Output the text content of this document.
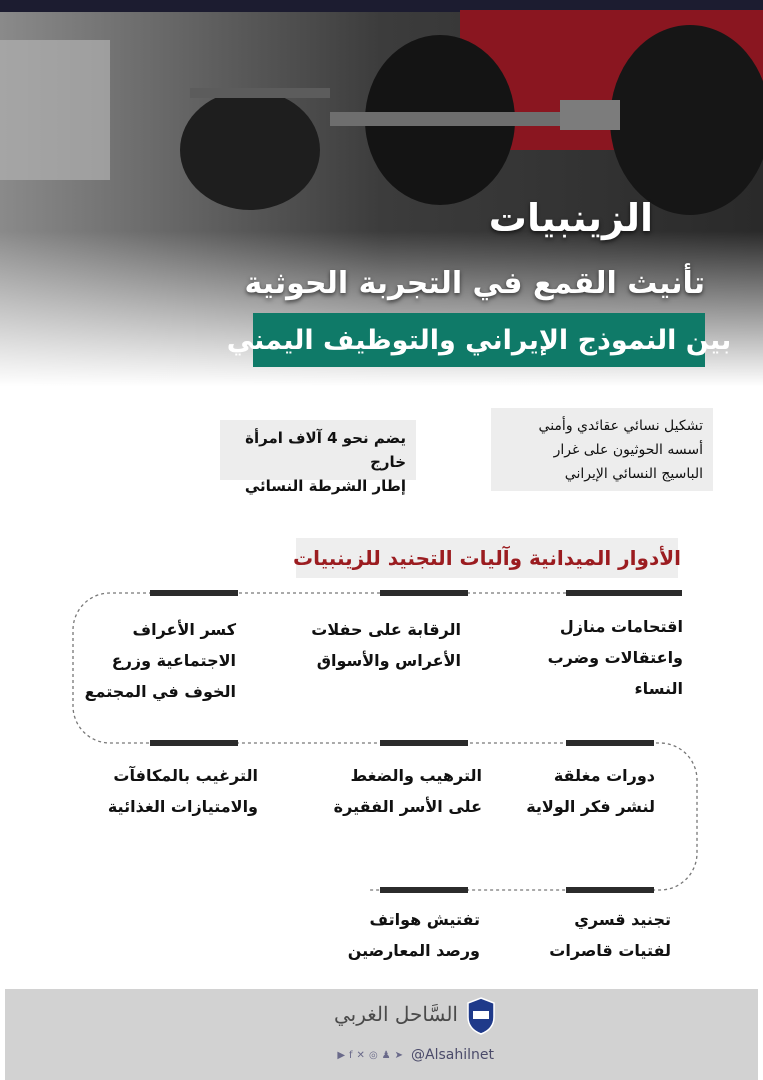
الزينبيات
تأنيث القمع في التجربة الحوثية
بين النموذج الإيراني والتوظيف اليمني
تشكيل نسائي عقائدي وأمني
أسسه الحوثيون على غرار
الباسيج النسائي الإيراني
يضم نحو 4 آلاف امرأة خارج
إطار الشرطة النسائي
الأدوار الميدانية وآليات التجنيد للزينبيات
اقتحامات منازل
واعتقالات وضرب
النساء
الرقابة على حفلات
الأعراس والأسواق
كسر الأعراف
الاجتماعية وزرع
الخوف في المجتمع
الترغيب بالمكافآت
والامتيازات الغذائية
الترهيب والضغط
على الأسر الفقيرة
دورات مغلقة
لنشر فكر الولاية
تجنيد قسري
لفتيات قاصرات
تفتيش هواتف
ورصد المعارضين
السَّاحل الغربي
▶ f ✕ ◎ ♟ ➤ @Alsahilnet
